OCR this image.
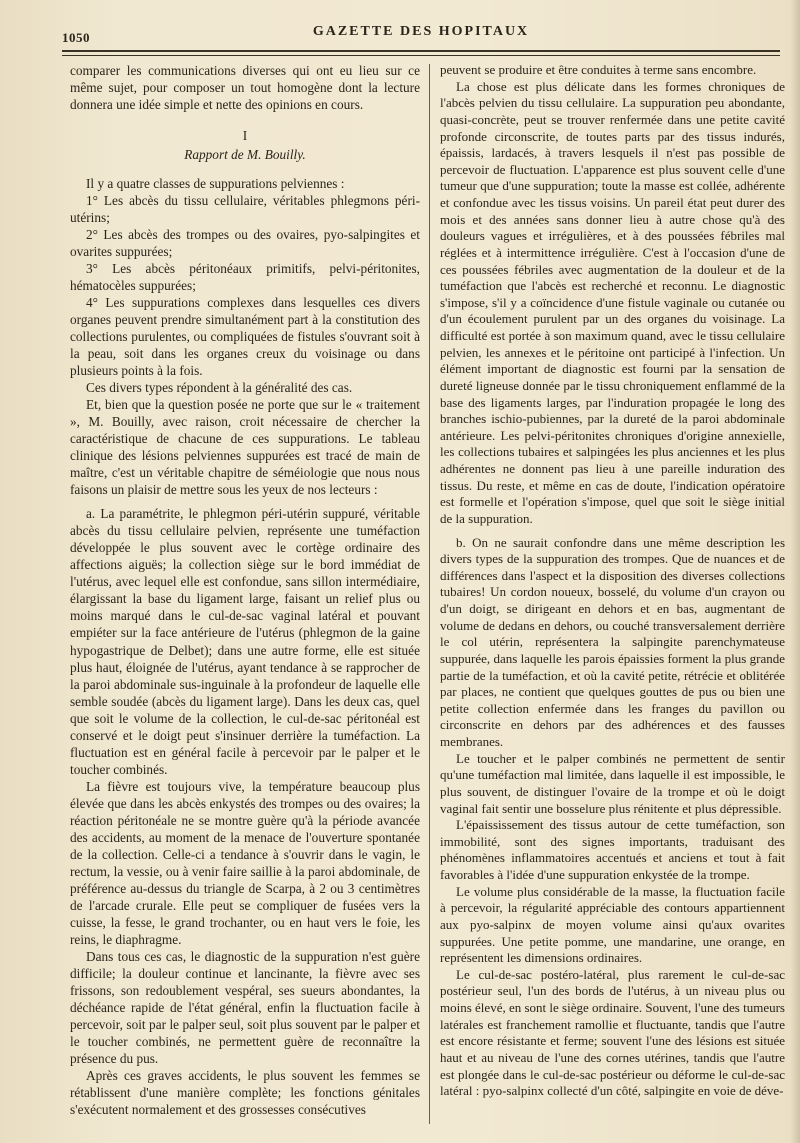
1050	GAZETTE DES HOPITAUX

comparer les communications diverses qui ont eu lieu sur ce même sujet, pour composer un tout homogène dont la lecture donnera une idée simple et nette des opinions en cours.

I
Rapport de M. Bouilly.

Il y a quatre classes de suppurations pelviennes :

1° Les abcès du tissu cellulaire, véritables phlegmons péri-utérins;

2° Les abcès des trompes ou des ovaires, pyo-salpingites et ovarites suppurées;

3° Les abcès péritonéaux primitifs, pelvi-péritonites, hématocèles suppurées;

4° Les suppurations complexes dans lesquelles ces divers organes peuvent prendre simultanément part à la constitution des collections purulentes, ou compliquées de fistules s'ouvrant soit à la peau, soit dans les organes creux du voisinage ou dans plusieurs points à la fois.

Ces divers types répondent à la généralité des cas.

Et, bien que la question posée ne porte que sur le « traitement », M. Bouilly, avec raison, croit nécessaire de chercher la caractéristique de chacune de ces suppurations. Le tableau clinique des lésions pelviennes suppurées est tracé de main de maître, c'est un véritable chapitre de séméiologie que nous nous faisons un plaisir de mettre sous les yeux de nos lecteurs :

a. La paramétrite, le phlegmon péri-utérin suppuré, véritable abcès du tissu cellulaire pelvien, représente une tuméfaction développée le plus souvent avec le cortège ordinaire des affections aiguës; la collection siège sur le bord immédiat de l'utérus, avec lequel elle est confondue, sans sillon intermédiaire, élargissant la base du ligament large, faisant un relief plus ou moins marqué dans le cul-de-sac vaginal latéral et pouvant empiéter sur la face antérieure de l'utérus (phlegmon de la gaine hypogastrique de Delbet); dans une autre forme, elle est située plus haut, éloignée de l'utérus, ayant tendance à se rapprocher de la paroi abdominale sus-inguinale à la profondeur de laquelle elle semble soudée (abcès du ligament large). Dans les deux cas, quel que soit le volume de la collection, le cul-de-sac péritonéal est conservé et le doigt peut s'insinuer derrière la tuméfaction. La fluctuation est en général facile à percevoir par le palper et le toucher combinés.

La fièvre est toujours vive, la température beaucoup plus élevée que dans les abcès enkystés des trompes ou des ovaires; la réaction péritonéale ne se montre guère qu'à la période avancée des accidents, au moment de la menace de l'ouverture spontanée de la collection. Celle-ci a tendance à s'ouvrir dans le vagin, le rectum, la vessie, ou à venir faire saillie à la paroi abdominale, de préférence au-dessus du triangle de Scarpa, à 2 ou 3 centimètres de l'arcade crurale. Elle peut se compliquer de fusées vers la cuisse, la fesse, le grand trochanter, ou en haut vers le foie, les reins, le diaphragme.

Dans tous ces cas, le diagnostic de la suppuration n'est guère difficile; la douleur continue et lancinante, la fièvre avec ses frissons, son redoublement vespéral, ses sueurs abondantes, la déchéance rapide de l'état général, enfin la fluctuation facile à percevoir, soit par le palper seul, soit plus souvent par le palper et le toucher combinés, ne permettent guère de reconnaître la présence du pus.

Après ces graves accidents, le plus souvent les femmes se rétablissent d'une manière complète; les fonctions génitales s'exécutent normalement et des grossesses consécutives

peuvent se produire et être conduites à terme sans encombre.

La chose est plus délicate dans les formes chroniques de l'abcès pelvien du tissu cellulaire. La suppuration peu abondante, quasi-concrète, peut se trouver renfermée dans une petite cavité profonde circonscrite, de toutes parts par des tissus indurés, épaissis, lardacés, à travers lesquels il n'est pas possible de percevoir de fluctuation. L'apparence est plus souvent celle d'une tumeur que d'une suppuration; toute la masse est collée, adhérente et confondue avec les tissus voisins. Un pareil état peut durer des mois et des années sans donner lieu à autre chose qu'à des douleurs vagues et irrégulières, et à des poussées fébriles mal réglées et à intermittence irrégulière. C'est à l'occasion d'une de ces poussées fébriles avec augmentation de la douleur et de la tuméfaction que l'abcès est recherché et reconnu. Le diagnostic s'impose, s'il y a coïncidence d'une fistule vaginale ou cutanée ou d'un écoulement purulent par un des organes du voisinage. La difficulté est portée à son maximum quand, avec le tissu cellulaire pelvien, les annexes et le péritoine ont participé à l'infection. Un élément important de diagnostic est fourni par la sensation de dureté ligneuse donnée par le tissu chroniquement enflammé de la base des ligaments larges, par l'induration propagée le long des branches ischio-pubiennes, par la dureté de la paroi abdominale antérieure. Les pelvi-péritonites chroniques d'origine annexielle, les collections tubaires et salpingées les plus anciennes et les plus adhérentes ne donnent pas lieu à une pareille induration des tissus. Du reste, et même en cas de doute, l'indication opératoire est formelle et l'opération s'impose, quel que soit le siège initial de la suppuration.

b. On ne saurait confondre dans une même description les divers types de la suppuration des trompes. Que de nuances et de différences dans l'aspect et la disposition des diverses collections tubaires! Un cordon noueux, bosselé, du volume d'un crayon ou d'un doigt, se dirigeant en dehors et en bas, augmentant de volume de dedans en dehors, ou couché transversalement derrière le col utérin, représentera la salpingite parenchymateuse suppurée, dans laquelle les parois épaissies forment la plus grande partie de la tuméfaction, et où la cavité petite, rétrécie et oblitérée par places, ne contient que quelques gouttes de pus ou bien une petite collection enfermée dans les franges du pavillon ou circonscrite en dehors par des adhérences et des fausses membranes.

Le toucher et le palper combinés ne permettent de sentir qu'une tuméfaction mal limitée, dans laquelle il est impossible, le plus souvent, de distinguer l'ovaire de la trompe et où le doigt vaginal fait sentir une bosselure plus rénitente et plus dépressible.

L'épaississement des tissus autour de cette tuméfaction, son immobilité, sont des signes importants, traduisant des phénomènes inflammatoires accentués et anciens et tout à fait favorables à l'idée d'une suppuration enkystée de la trompe.

Le volume plus considérable de la masse, la fluctuation facile à percevoir, la régularité appréciable des contours appartiennent aux pyo-salpinx de moyen volume ainsi qu'aux ovarites suppurées. Une petite pomme, une mandarine, une orange, en représentent les dimensions ordinaires.

Le cul-de-sac postéro-latéral, plus rarement le cul-de-sac postérieur seul, l'un des bords de l'utérus, à un niveau plus ou moins élevé, en sont le siège ordinaire. Souvent, l'une des tumeurs latérales est franchement ramollie et fluctuante, tandis que l'autre est encore résistante et ferme; souvent l'une des lésions est située haut et au niveau de l'une des cornes utérines, tandis que l'autre est plongée dans le cul-de-sac postérieur ou déforme le cul-de-sac latéral : pyo-salpinx collecté d'un côté, salpingite en voie de déve-
